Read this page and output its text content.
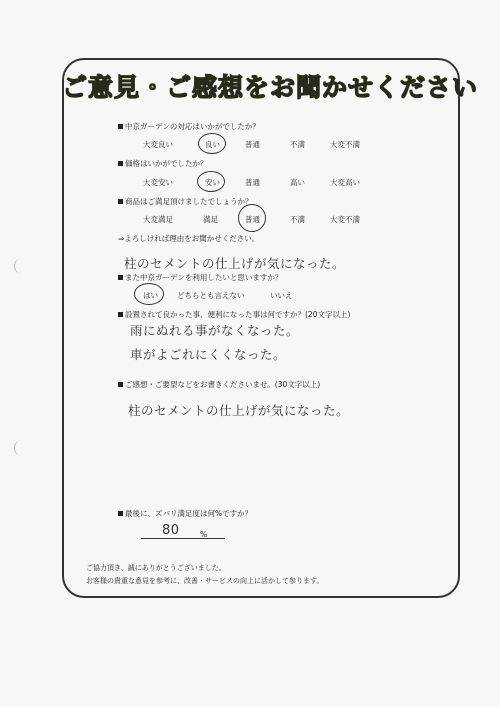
ご意見・ご感想をお聞かせください
中京ガーデンの対応はいかがでしたか？
大変良い	良い	普通	不満	大変不満
価格はいかがでしたか？
大変安い	安い	普通	高い	大変高い
商品はご満足頂けましたでしょうか？
大変満足	満足	普通	不満	大変不満
⇒よろしければ理由をお聞かせください。
柱のセメントの仕上げが気になった。
また中京ガーデンを利用したいと思いますか？
はい	どちらとも言えない	いいえ
設置されて良かった事、便利になった事は何ですか？(20文字以上)
雨にぬれる事がなくなった。
車がよごれにくくなった。
ご感想・ご要望などをお書きくださいませ。(30文字以上)
柱のセメントの仕上げが気になった。
最後に、ズバリ満足度は何%ですか？
80	%
ご協力頂き、誠にありがとうございました。
お客様の貴重な意見を参考に、改善・サービスの向上に活かして参ります。
